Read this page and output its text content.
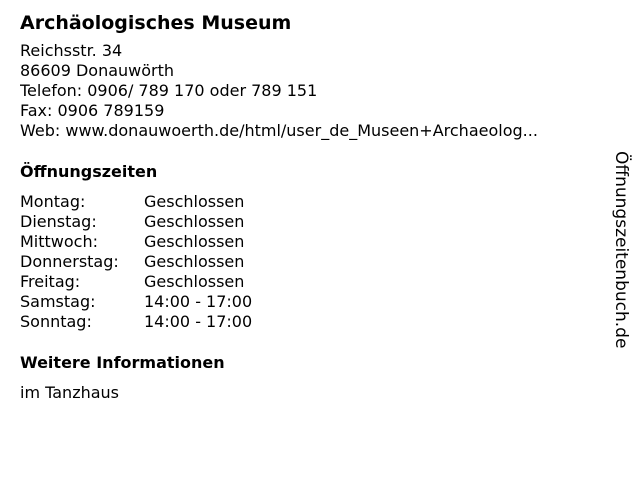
Archäologisches Museum
Reichsstr. 34
86609 Donauwörth
Telefon: 0906/ 789 170 oder 789 151
Fax: 0906 789159
Web: www.donauwoerth.de/html/user_de_Museen+Archaeolog...
Öffnungszeiten
Montag:	Geschlossen
Dienstag:	Geschlossen
Mittwoch:	Geschlossen
Donnerstag:	Geschlossen
Freitag:	Geschlossen
Samstag:	14:00 - 17:00
Sonntag:	14:00 - 17:00
Weitere Informationen
im Tanzhaus
Öffnungszeitenbuch.de
